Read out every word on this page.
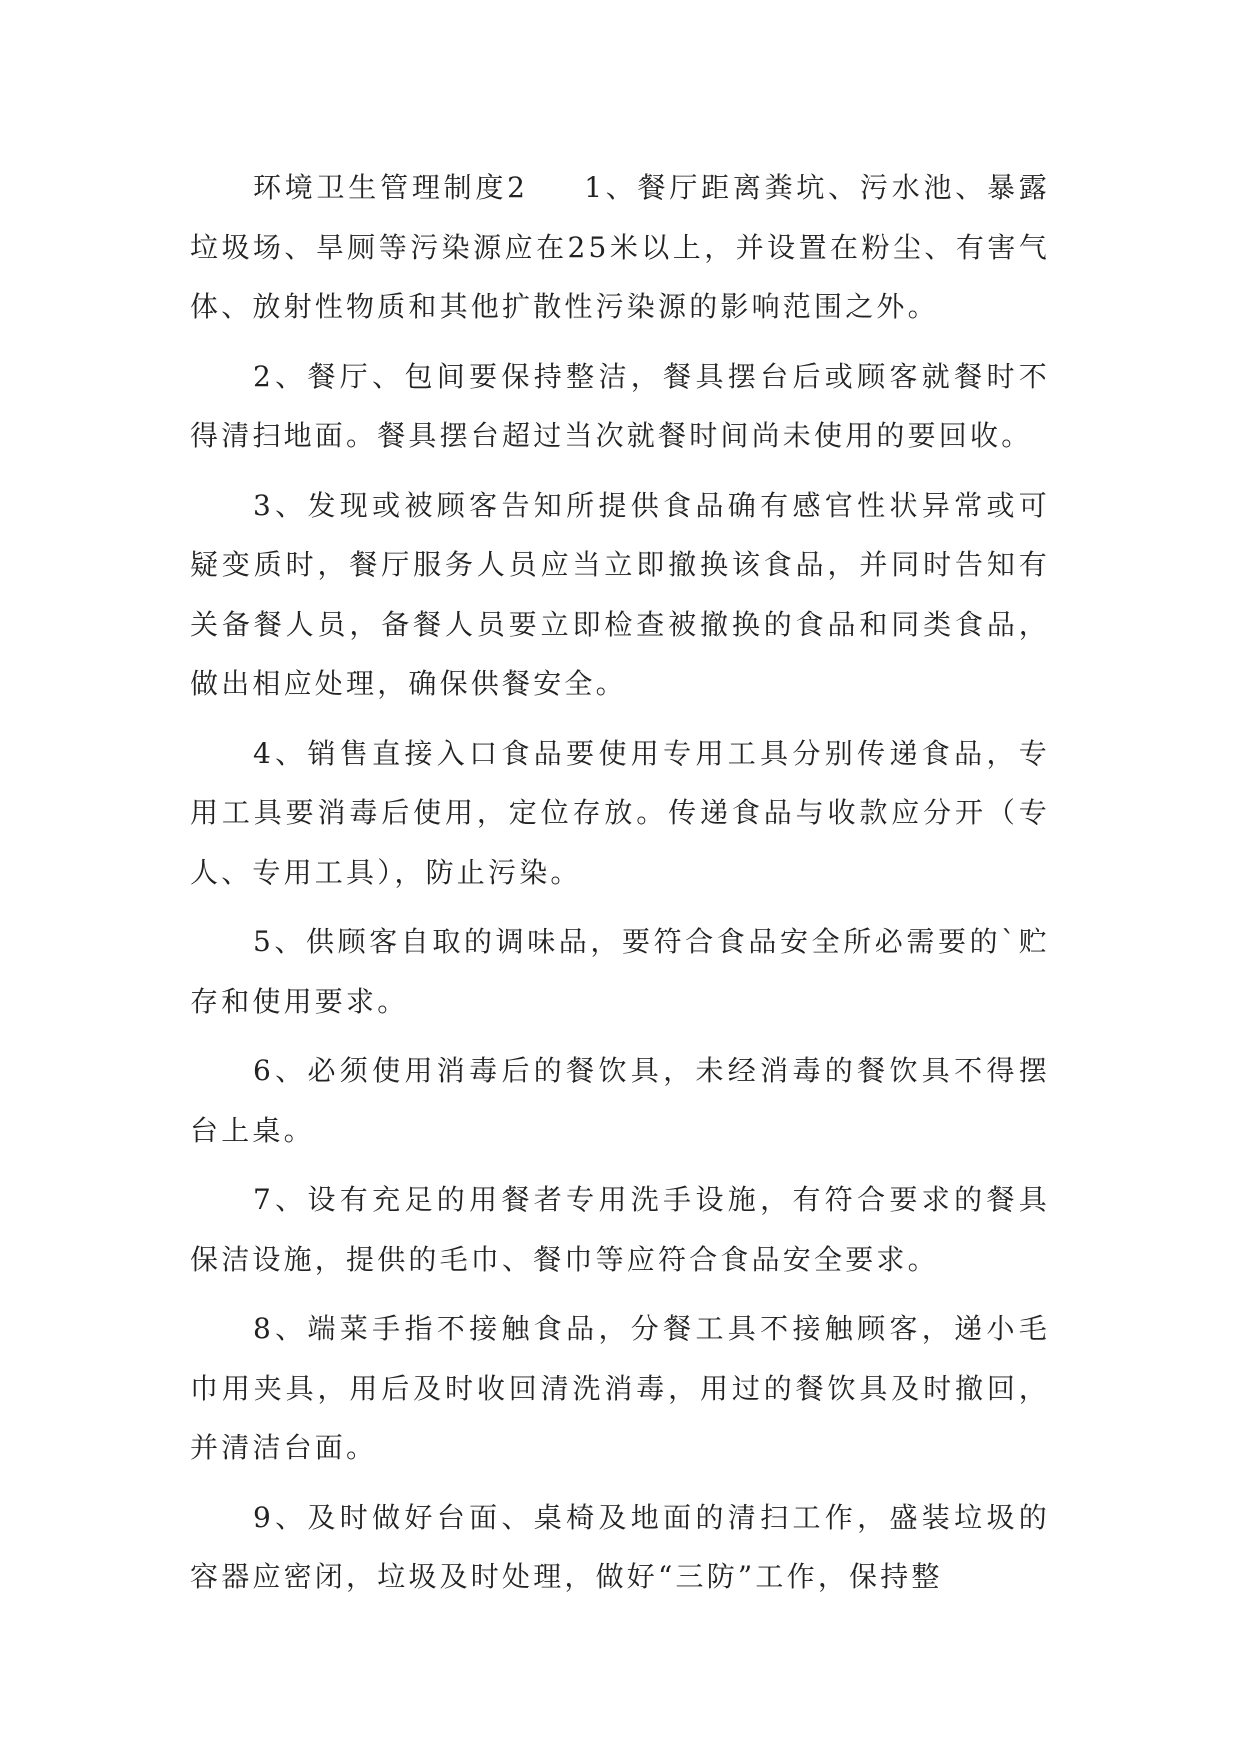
环境卫生管理制度2 1、餐厅距离粪坑、污水池、暴露垃圾场、旱厕等污染源应在25米以上，并设置在粉尘、有害气体、放射性物质和其他扩散性污染源的影响范围之外。

2、餐厅、包间要保持整洁，餐具摆台后或顾客就餐时不得清扫地面。餐具摆台超过当次就餐时间尚未使用的要回收。

3、发现或被顾客告知所提供食品确有感官性状异常或可疑变质时，餐厅服务人员应当立即撤换该食品，并同时告知有关备餐人员，备餐人员要立即检查被撤换的食品和同类食品，做出相应处理，确保供餐安全。

4、销售直接入口食品要使用专用工具分别传递食品，专用工具要消毒后使用，定位存放。传递食品与收款应分开（专人、专用工具），防止污染。

5、供顾客自取的调味品，要符合食品安全所必需要的`贮存和使用要求。

6、必须使用消毒后的餐饮具，未经消毒的餐饮具不得摆台上桌。

7、设有充足的用餐者专用洗手设施，有符合要求的餐具保洁设施，提供的毛巾、餐巾等应符合食品安全要求。

8、端菜手指不接触食品，分餐工具不接触顾客，递小毛巾用夹具，用后及时收回清洗消毒，用过的餐饮具及时撤回，并清洁台面。

9、及时做好台面、桌椅及地面的清扫工作，盛装垃圾的容器应密闭，垃圾及时处理，做好“三防”工作，保持整
